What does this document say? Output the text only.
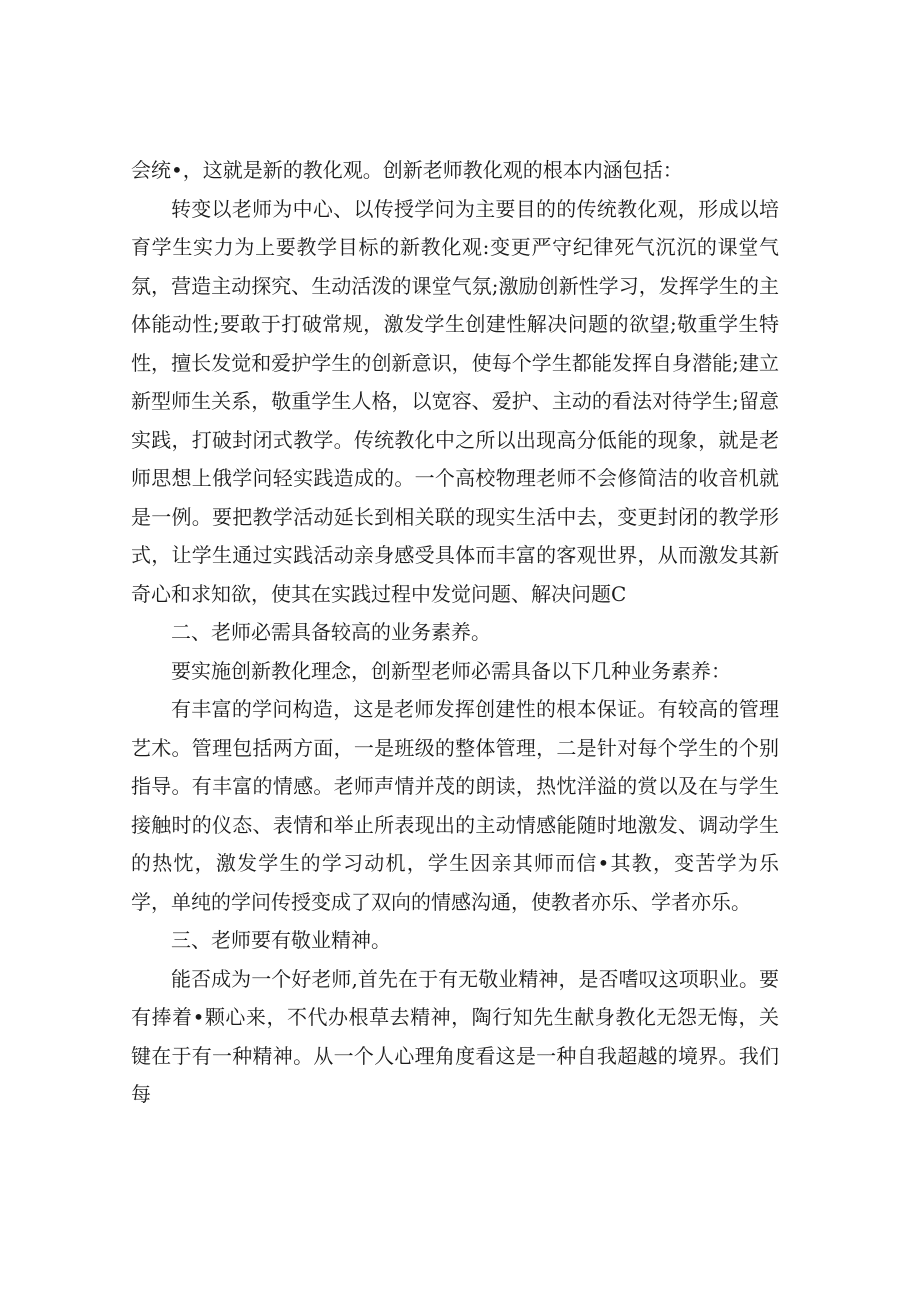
会统•，这就是新的教化观。创新老师教化观的根本内涵包括：

转变以老师为中心、以传授学问为主要目的的传统教化观，形成以培育学生实力为上要教学目标的新教化观:变更严守纪律死气沉沉的课堂气氛，营造主动探究、生动活泼的课堂气氛;激励创新性学习，发挥学生的主体能动性;要敢于打破常规，激发学生创建性解决问题的欲望;敬重学生特性，擅长发觉和爱护学生的创新意识，使每个学生都能发挥自身潜能;建立新型师生关系，敬重学生人格，以宽容、爱护、主动的看法对待学生;留意实践，打破封闭式教学。传统教化中之所以出现高分低能的现象，就是老师思想上俄学问轻实践造成的。一个高校物理老师不会修简洁的收音机就是一例。要把教学活动延长到相关联的现实生活中去，变更封闭的教学形式，让学生通过实践活动亲身感受具体而丰富的客观世界，从而激发其新奇心和求知欲，使其在实践过程中发觉问题、解决问题C

二、老师必需具备较高的业务素养。

要实施创新教化理念，创新型老师必需具备以下几种业务素养：

有丰富的学问构造，这是老师发挥创建性的根本保证。有较高的管理艺术。管理包括两方面，一是班级的整体管理，二是针对每个学生的个别指导。有丰富的情感。老师声情并茂的朗读，热忱洋溢的赏以及在与学生接触时的仪态、表情和举止所表现出的主动情感能随时地激发、调动学生的热忱，激发学生的学习动机，学生因亲其师而信•其教，变苦学为乐学，单纯的学问传授变成了双向的情感沟通，使教者亦乐、学者亦乐。

三、老师要有敬业精神。

能否成为一个好老师,首先在于有无敬业精神，是否嗜叹这项职业。要有捧着•颗心来，不代办根草去精神，陶行知先生献身教化无怨无悔，关键在于有一种精神。从一个人心理角度看这是一种自我超越的境界。我们每
